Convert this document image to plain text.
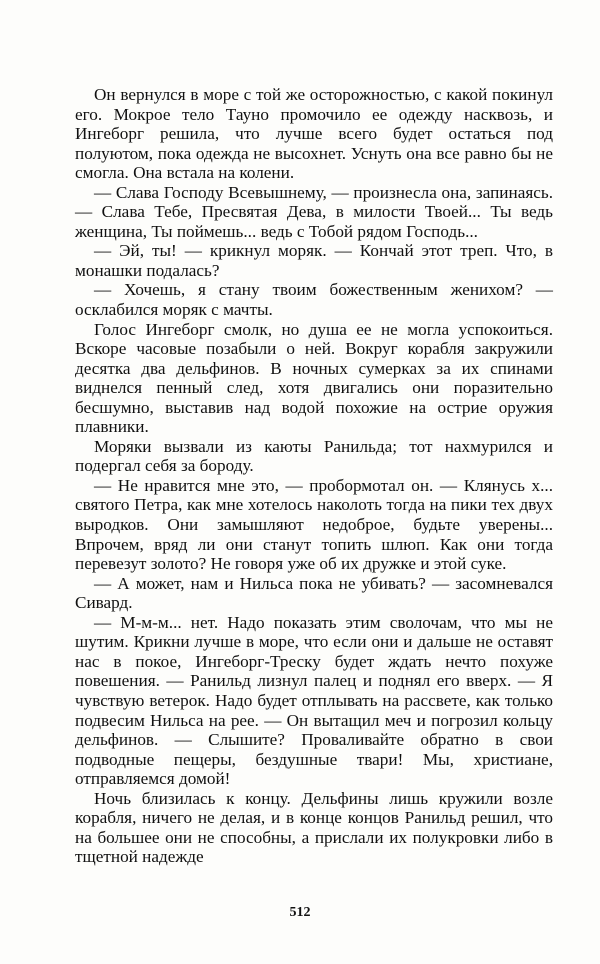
Он вернулся в море с той же осторожностью, с какой покинул его. Мокрое тело Тауно промочило ее одежду насквозь, и Ингеборг решила, что лучше всего будет остаться под полуютом, пока одежда не высохнет. Уснуть она все равно бы не смогла. Она встала на колени.

— Слава Господу Всевышнему, — произнесла она, запинаясь. — Слава Тебе, Пресвятая Дева, в милости Твоей... Ты ведь женщина, Ты поймешь... ведь с Тобой рядом Господь...

— Эй, ты! — крикнул моряк. — Кончай этот треп. Что, в монашки подалась?

— Хочешь, я стану твоим божественным женихом? — осклабился моряк с мачты.

Голос Ингеборг смолк, но душа ее не могла успокоиться. Вскоре часовые позабыли о ней. Вокруг корабля закружили десятка два дельфинов. В ночных сумерках за их спинами виднелся пенный след, хотя двигались они поразительно бесшумно, выставив над водой похожие на острие оружия плавники.

Моряки вызвали из каюты Ранильда; тот нахмурился и подергал себя за бороду.

— Не нравится мне это, — пробормотал он. — Клянусь х... святого Петра, как мне хотелось наколоть тогда на пики тех двух выродков. Они замышляют недоброе, будьте уверены... Впрочем, вряд ли они станут топить шлюп. Как они тогда перевезут золото? Не говоря уже об их дружке и этой суке.

— А может, нам и Нильса пока не убивать? — засомневался Сивард.

— М-м-м... нет. Надо показать этим сволочам, что мы не шутим. Крикни лучше в море, что если они и дальше не оставят нас в покое, Ингеборг-Треску будет ждать нечто похуже повешения. — Ранильд лизнул палец и поднял его вверх. — Я чувствую ветерок. Надо будет отплывать на рассвете, как только подвесим Нильса на рее. — Он вытащил меч и погрозил кольцу дельфинов. — Слышите? Проваливайте обратно в свои подводные пещеры, бездушные твари! Мы, христиане, отправляемся домой!

Ночь близилась к концу. Дельфины лишь кружили возле корабля, ничего не делая, и в конце концов Ранильд решил, что на большее они не способны, а прислали их полукровки либо в тщетной надежде

512
